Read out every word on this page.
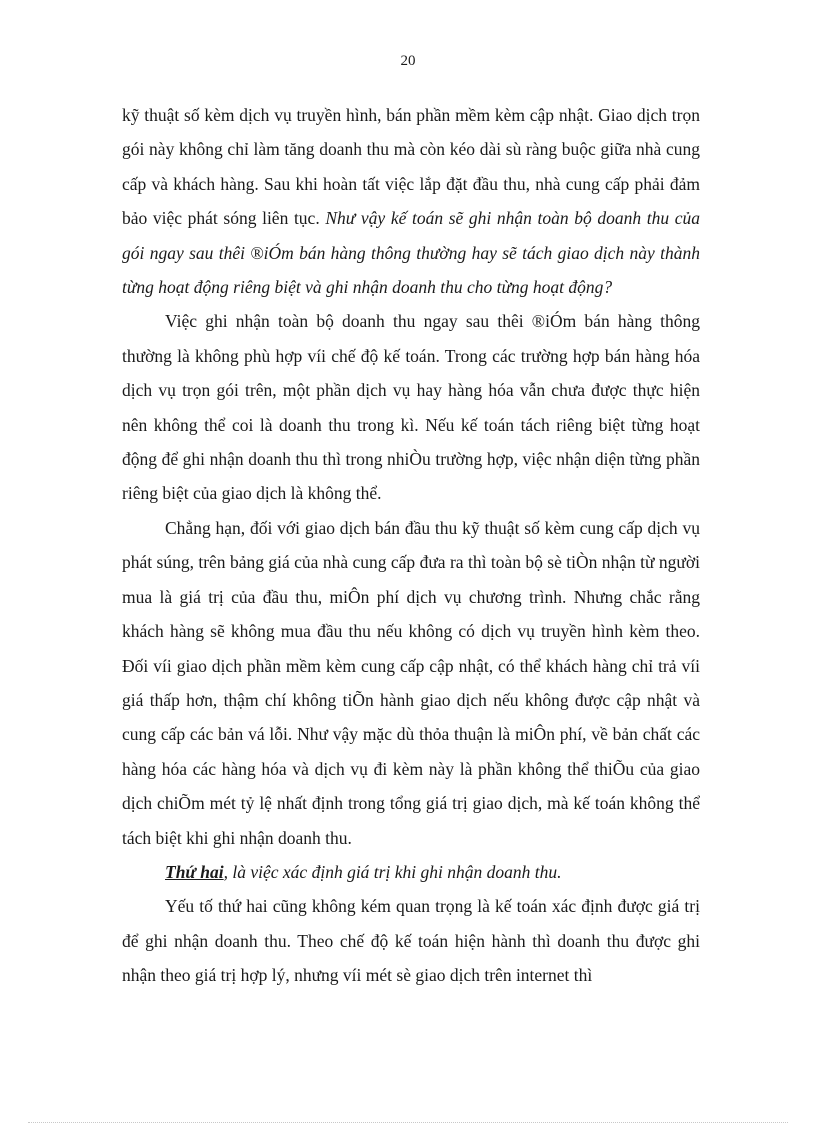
20

kỹ thuật số kèm dịch vụ truyền hình, bán phần mềm kèm cập nhật. Giao dịch trọn gói này không chỉ làm tăng doanh thu mà còn kéo dài sù ràng buộc giữa nhà cung cấp và khách hàng. Sau khi hoàn tất việc lắp đặt đầu thu, nhà cung cấp phải đảm bảo việc phát sóng liên tục. Như vậy kế toán sẽ ghi nhận toàn bộ doanh thu của gói ngay sau thêi ®iÓm bán hàng thông thường hay sẽ tách giao dịch này thành từng hoạt động riêng biệt và ghi nhận doanh thu cho từng hoạt động?

Việc ghi nhận toàn bộ doanh thu ngay sau thêi ®iÓm bán hàng thông thường là không phù hợp víi chế độ kế toán. Trong các trường hợp bán hàng hóa dịch vụ trọn gói trên, một phần dịch vụ hay hàng hóa vẫn chưa được thực hiện nên không thể coi là doanh thu trong kì. Nếu kế toán tách riêng biệt từng hoạt động để ghi nhận doanh thu thì trong nhiÒu trường hợp, việc nhận diện từng phần riêng biệt của giao dịch là không thể.

Chẳng hạn, đối với giao dịch bán đầu thu kỹ thuật số kèm cung cấp dịch vụ phát súng, trên bảng giá của nhà cung cấp đưa ra thì toàn bộ sè tiÒn nhận từ người mua là giá trị của đầu thu, miÔn phí dịch vụ chương trình. Nhưng chắc rằng khách hàng sẽ không mua đầu thu nếu không có dịch vụ truyền hình kèm theo. Đối víi giao dịch phần mềm kèm cung cấp cập nhật, có thể khách hàng chỉ trả víi giá thấp hơn, thậm chí không tiÕn hành giao dịch nếu không được cập nhật và cung cấp các bản vá lỗi. Như vậy mặc dù thỏa thuận là miÔn phí, về bản chất các hàng hóa các hàng hóa và dịch vụ đi kèm này là phần không thể thiÕu của giao dịch chiÕm mét tỷ lệ nhất định trong tổng giá trị giao dịch, mà kế toán không thể tách biệt khi ghi nhận doanh thu.

Thứ hai, là việc xác định giá trị khi ghi nhận doanh thu.

Yếu tố thứ hai cũng không kém quan trọng là kế toán xác định được giá trị để ghi nhận doanh thu. Theo chế độ kế toán hiện hành thì doanh thu được ghi nhận theo giá trị hợp lý, nhưng víi mét sè giao dịch trên internet thì
